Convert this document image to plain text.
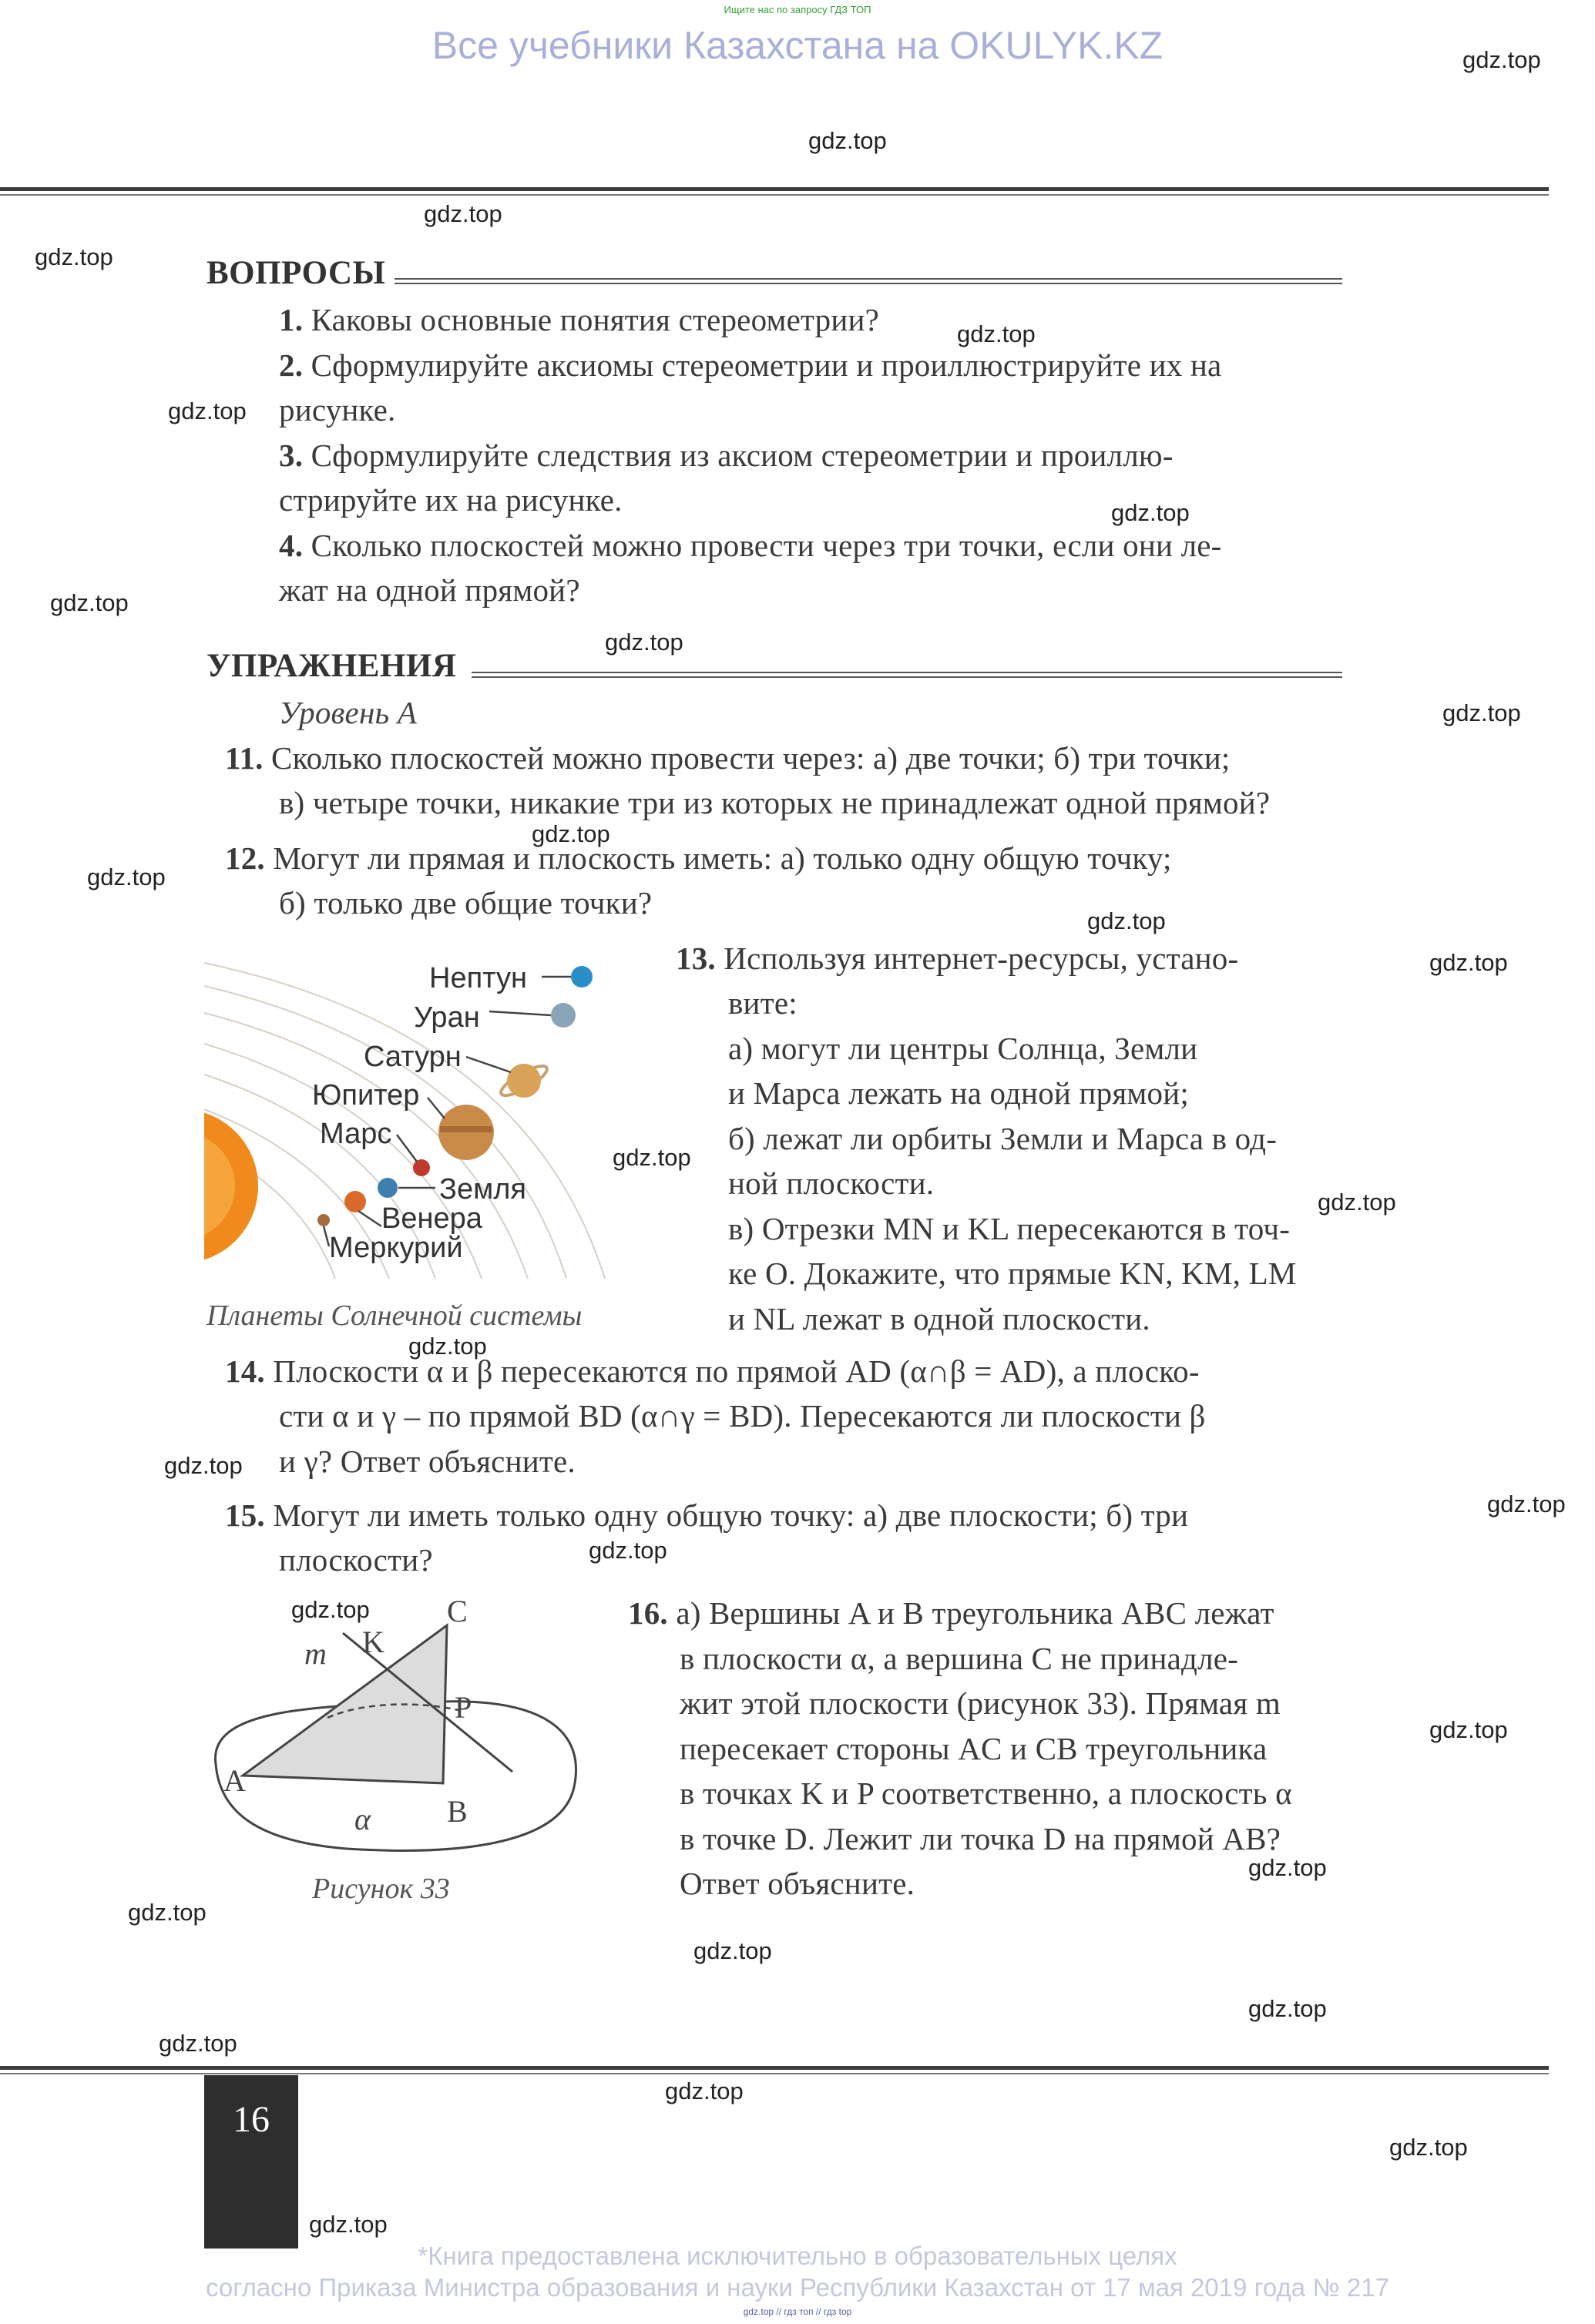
Ищите нас по запросу ГДЗ ТОП
Все учебники Казахстана на OKULYK.KZ
ВОПРОСЫ
1. Каковы основные понятия стереометрии?
2. Сформулируйте аксиомы стереометрии и проиллюстрируйте их на
рисунке.
3. Сформулируйте следствия из аксиом стереометрии и проиллю-
стрируйте их на рисунке.
4. Сколько плоскостей можно провести через три точки, если они ле-
жат на одной прямой?
УПРАЖНЕНИЯ
Уровень А
11. Сколько плоскостей можно провести через: а) две точки; б) три точки;
в) четыре точки, никакие три из которых не принадлежат одной прямой?
12. Могут ли прямая и плоскость иметь: а) только одну общую точку;
б) только две общие точки?
Нептун
Уран
Сатурн
Юпитер
Марс
Земля
Венера
Меркурий
Планеты Солнечной системы
13. Используя интернет-ресурсы, устано-
вите:
а) могут ли центры Солнца, Земли
и Марса лежать на одной прямой;
б) лежат ли орбиты Земли и Марса в од-
ной плоскости.
в) Отрезки MN и KL пересекаются в точ-
ке O. Докажите, что прямые KN, KM, LM
и NL лежат в одной плоскости.
14. Плоскости α и β пересекаются по прямой AD (α∩β = AD), а плоско-
сти α и γ – по прямой BD (α∩γ = BD). Пересекаются ли плоскости β
и γ? Ответ объясните.
15. Могут ли иметь только одну общую точку: а) две плоскости; б) три
плоскости?
C
K
m
P
A
α B
Рисунок 33
16. а) Вершины A и B треугольника ABC лежат
в плоскости α, а вершина C не принадле-
жит этой плоскости (рисунок 33). Прямая m
пересекает стороны AC и CB треугольника
в точках K и P соответственно, а плоскость α
в точке D. Лежит ли точка D на прямой AB?
Ответ объясните.
16
*Книга предоставлена исключительно в образовательных целях
согласно Приказа Министра образования и науки Республики Казахстан от 17 мая 2019 года № 217
gdz.top // гдз топ // гдз top
gdz.top
gdz.top
gdz.top
gdz.top
gdz.top
gdz.top
gdz.top
gdz.top
gdz.top
gdz.top
gdz.top
gdz.top
gdz.top
gdz.top
gdz.top
gdz.top
gdz.top
gdz.top
gdz.top
gdz.top
gdz.top
gdz.top
gdz.top
gdz.top
gdz.top
gdz.top
gdz.top
gdz.top
gdz.top
gdz.top
